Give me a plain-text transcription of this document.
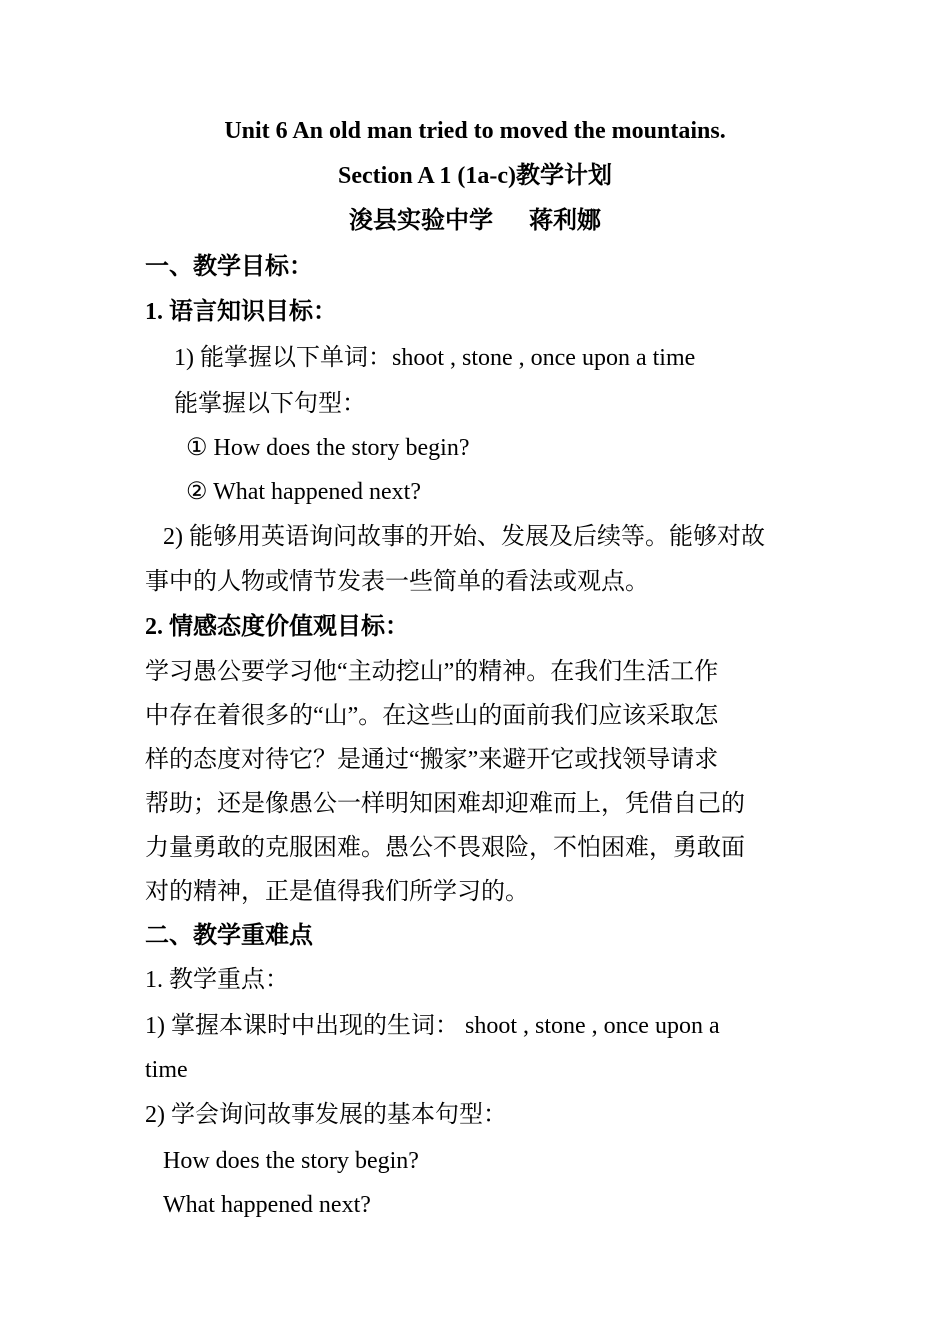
Unit 6 An old man tried to moved the mountains.
Section A 1 (1a-c)教学计划
浚县实验中学 蒋利娜
一、教学目标：
1. 语言知识目标：
1) 能掌握以下单词：shoot , stone , once upon a time
能掌握以下句型：
① How does the story begin?
② What happened next?
2) 能够用英语询问故事的开始、发展及后续等。能够对故
事中的人物或情节发表一些简单的看法或观点。
2. 情感态度价值观目标：
学习愚公要学习他“主动挖山”的精神。在我们生活工作
中存在着很多的“山”。在这些山的面前我们应该采取怎
样的态度对待它？是通过“搬家”来避开它或找领导请求
帮助；还是像愚公一样明知困难却迎难而上，凭借自己的
力量勇敢的克服困难。愚公不畏艰险，不怕困难，勇敢面
对的精神，正是值得我们所学习的。
二、教学重难点
1. 教学重点：
1) 掌握本课时中出现的生词： shoot , stone , once upon a
time
2) 学会询问故事发展的基本句型：
How does the story begin?
What happened next?
